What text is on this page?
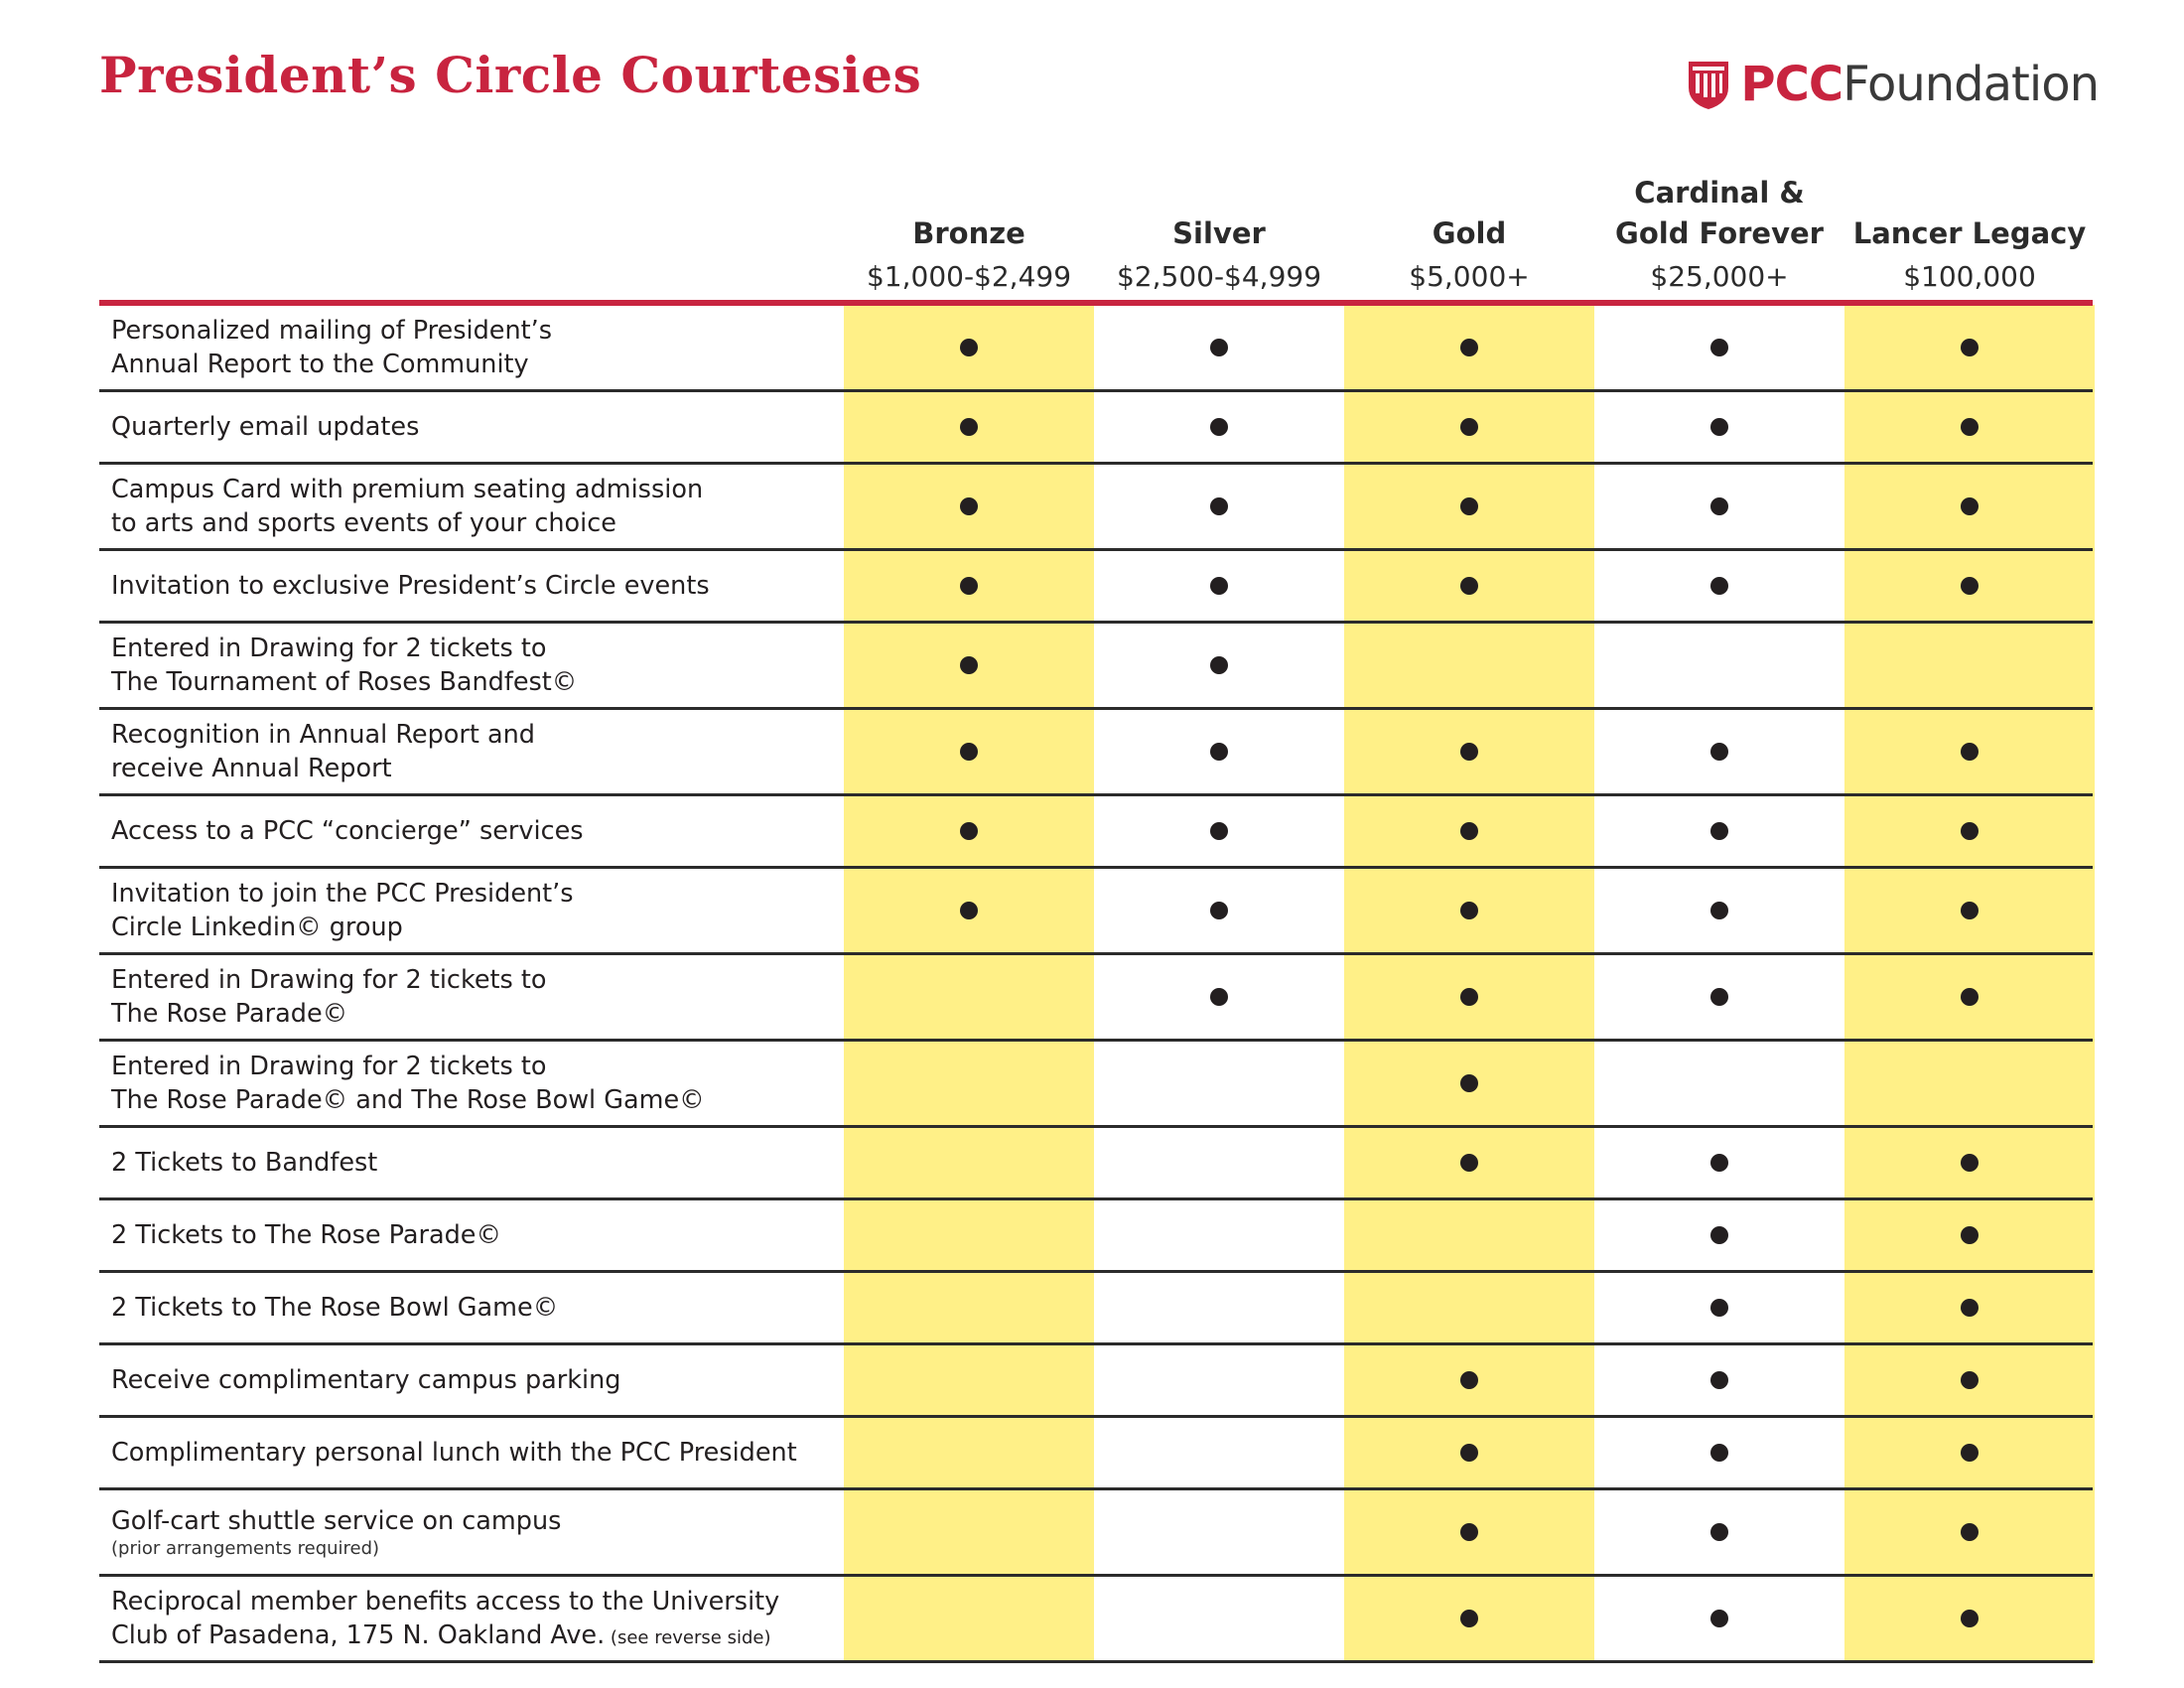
President’s Circle Courtesies	PCC Foundation
Bronze
$1,000-$2,499
Silver
$2,500-$4,999
Gold
$5,000+
Cardinal &
Gold Forever
$25,000+
Lancer Legacy
$100,000
Personalized mailing of President’s
Annual Report to the Community
Quarterly email updates
Campus Card with premium seating admission
to arts and sports events of your choice
Invitation to exclusive President’s Circle events
Entered in Drawing for 2 tickets to
The Tournament of Roses Bandfest©
Recognition in Annual Report and
receive Annual Report
Access to a PCC “concierge” services
Invitation to join the PCC President’s
Circle Linkedin© group
Entered in Drawing for 2 tickets to
The Rose Parade©
Entered in Drawing for 2 tickets to
The Rose Parade© and The Rose Bowl Game©
2 Tickets to Bandfest
2 Tickets to The Rose Parade©
2 Tickets to The Rose Bowl Game©
Receive complimentary campus parking
Complimentary personal lunch with the PCC President
Golf-cart shuttle service on campus
(prior arrangements required)
Reciprocal member benefits access to the University
Club of Pasadena, 175 N. Oakland Ave. (see reverse side)
